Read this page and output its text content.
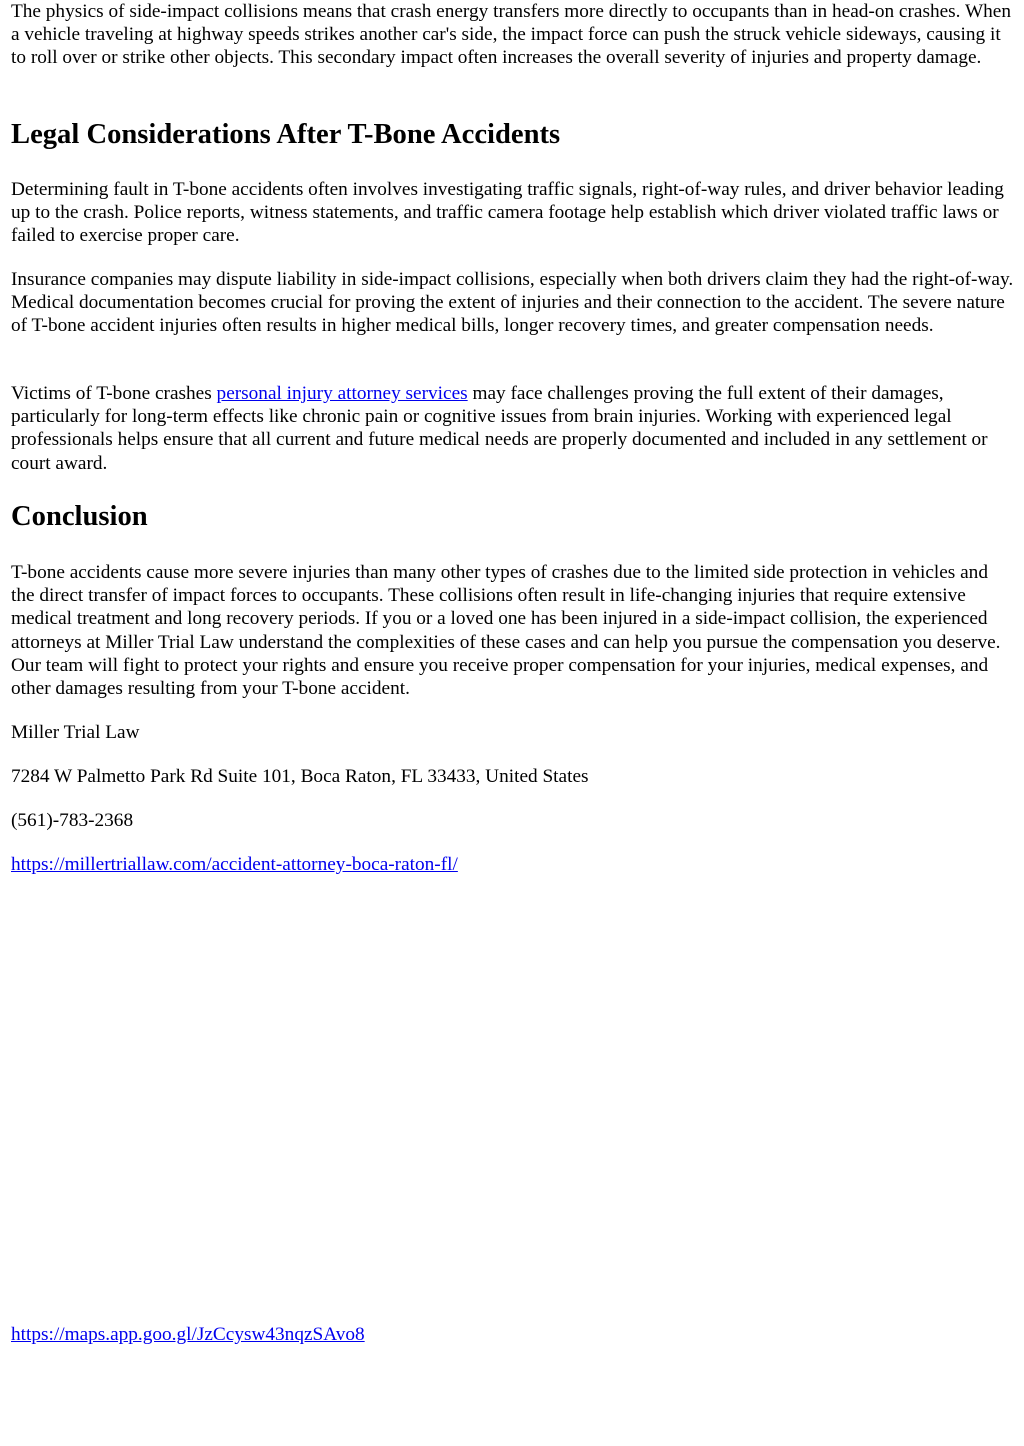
The physics of side-impact collisions means that crash energy transfers more directly to occupants than in head-on crashes. When a vehicle traveling at highway speeds strikes another car's side, the impact force can push the struck vehicle sideways, causing it to roll over or strike other objects. This secondary impact often increases the overall severity of injuries and property damage.

Legal Considerations After T-Bone Accidents

Determining fault in T-bone accidents often involves investigating traffic signals, right-of-way rules, and driver behavior leading up to the crash. Police reports, witness statements, and traffic camera footage help establish which driver violated traffic laws or failed to exercise proper care.

Insurance companies may dispute liability in side-impact collisions, especially when both drivers claim they had the right-of-way. Medical documentation becomes crucial for proving the extent of injuries and their connection to the accident. The severe nature of T-bone accident injuries often results in higher medical bills, longer recovery times, and greater compensation needs.

Victims of T-bone crashes personal injury attorney services may face challenges proving the full extent of their damages, particularly for long-term effects like chronic pain or cognitive issues from brain injuries. Working with experienced legal professionals helps ensure that all current and future medical needs are properly documented and included in any settlement or court award.

Conclusion

T-bone accidents cause more severe injuries than many other types of crashes due to the limited side protection in vehicles and the direct transfer of impact forces to occupants. These collisions often result in life-changing injuries that require extensive medical treatment and long recovery periods. If you or a loved one has been injured in a side-impact collision, the experienced attorneys at Miller Trial Law understand the complexities of these cases and can help you pursue the compensation you deserve. Our team will fight to protect your rights and ensure you receive proper compensation for your injuries, medical expenses, and other damages resulting from your T-bone accident.

Miller Trial Law

7284 W Palmetto Park Rd Suite 101, Boca Raton, FL 33433, United States

(561)-783-2368

https://millertriallaw.com/accident-attorney-boca-raton-fl/

https://maps.app.goo.gl/JzCcysw43nqzSAvo8
